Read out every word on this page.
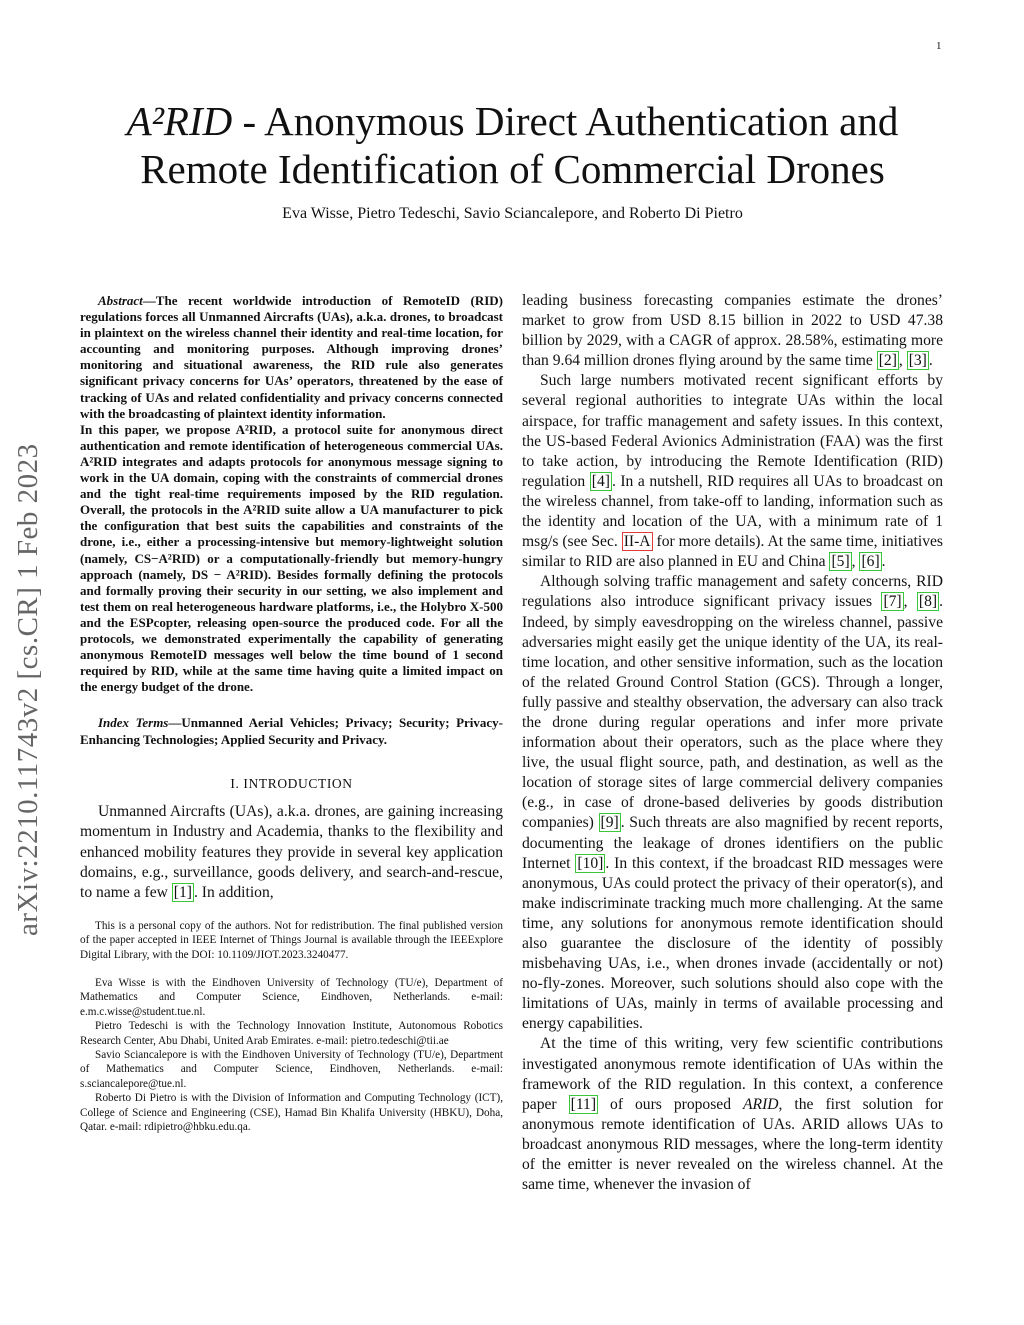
1
arXiv:2210.11743v2 [cs.CR] 1 Feb 2023
A²RID - Anonymous Direct Authentication and
Remote Identification of Commercial Drones
Eva Wisse, Pietro Tedeschi, Savio Sciancalepore, and Roberto Di Pietro

Abstract—The recent worldwide introduction of RemoteID (RID) regulations forces all Unmanned Aircrafts (UAs), a.k.a. drones, to broadcast in plaintext on the wireless channel their identity and real-time location, for accounting and monitoring purposes. Although improving drones’ monitoring and situational awareness, the RID rule also generates significant privacy concerns for UAs’ operators, threatened by the ease of tracking of UAs and related confidentiality and privacy concerns connected with the broadcasting of plaintext identity information.

In this paper, we propose A²RID, a protocol suite for anonymous direct authentication and remote identification of heterogeneous commercial UAs. A²RID integrates and adapts protocols for anonymous message signing to work in the UA domain, coping with the constraints of commercial drones and the tight real-time requirements imposed by the RID regulation. Overall, the protocols in the A²RID suite allow a UA manufacturer to pick the configuration that best suits the capabilities and constraints of the drone, i.e., either a processing-intensive but memory-lightweight solution (namely, CS−A²RID) or a computationally-friendly but memory-hungry approach (namely, DS − A²RID). Besides formally defining the protocols and formally proving their security in our setting, we also implement and test them on real heterogeneous hardware platforms, i.e., the Holybro X-500 and the ESPcopter, releasing open-source the produced code. For all the protocols, we demonstrated experimentally the capability of generating anonymous RemoteID messages well below the time bound of 1 second required by RID, while at the same time having quite a limited impact on the energy budget of the drone.

Index Terms—Unmanned Aerial Vehicles; Privacy; Security; Privacy-Enhancing Technologies; Applied Security and Privacy.
I. INTRODUCTION

Unmanned Aircrafts (UAs), a.k.a. drones, are gaining increasing momentum in Industry and Academia, thanks to the flexibility and enhanced mobility features they provide in several key application domains, e.g., surveillance, goods delivery, and search-and-rescue, to name a few [1] . In addition,

This is a personal copy of the authors. Not for redistribution. The final published version of the paper accepted in IEEE Internet of Things Journal is available through the IEEExplore Digital Library, with the DOI: 10.1109/JIOT.2023.3240477.

Eva Wisse is with the Eindhoven University of Technology (TU/e), Department of Mathematics and Computer Science, Eindhoven, Netherlands. e-mail: e.m.c.wisse@student.tue.nl.

Pietro Tedeschi is with the Technology Innovation Institute, Autonomous Robotics Research Center, Abu Dhabi, United Arab Emirates. e-mail: pietro.tedeschi@tii.ae

Savio Sciancalepore is with the Eindhoven University of Technology (TU/e), Department of Mathematics and Computer Science, Eindhoven, Netherlands. e-mail: s.sciancalepore@tue.nl.

Roberto Di Pietro is with the Division of Information and Computing Technology (ICT), College of Science and Engineering (CSE), Hamad Bin Khalifa University (HBKU), Doha, Qatar. e-mail: rdipietro@hbku.edu.qa.

leading business forecasting companies estimate the drones’ market to grow from USD 8.15 billion in 2022 to USD 47.38 billion by 2029, with a CAGR of approx. 28.58%, estimating more than 9.64 million drones flying around by the same time [2] , [3] .

Such large numbers motivated recent significant efforts by several regional authorities to integrate UAs within the local airspace, for traffic management and safety issues. In this context, the US-based Federal Avionics Administration (FAA) was the first to take action, by introducing the Remote Identification (RID) regulation [4] . In a nutshell, RID requires all UAs to broadcast on the wireless channel, from take-off to landing, information such as the identity and location of the UA, with a minimum rate of 1 msg/s (see Sec. II-A for more details). At the same time, initiatives similar to RID are also planned in EU and China [5] , [6] .

Although solving traffic management and safety concerns, RID regulations also introduce significant privacy issues [7] , [8] . Indeed, by simply eavesdropping on the wireless channel, passive adversaries might easily get the unique identity of the UA, its real-time location, and other sensitive information, such as the location of the related Ground Control Station (GCS). Through a longer, fully passive and stealthy observation, the adversary can also track the drone during regular operations and infer more private information about their operators, such as the place where they live, the usual flight source, path, and destination, as well as the location of storage sites of large commercial delivery companies (e.g., in case of drone-based deliveries by goods distribution companies) [9] . Such threats are also magnified by recent reports, documenting the leakage of drones identifiers on the public Internet [10] . In this context, if the broadcast RID messages were anonymous, UAs could protect the privacy of their operator(s), and make indiscriminate tracking much more challenging. At the same time, any solutions for anonymous remote identification should also guarantee the disclosure of the identity of possibly misbehaving UAs, i.e., when drones invade (accidentally or not) no-fly-zones. Moreover, such solutions should also cope with the limitations of UAs, mainly in terms of available processing and energy capabilities.

At the time of this writing, very few scientific contributions investigated anonymous remote identification of UAs within the framework of the RID regulation. In this context, a conference paper [11] of ours proposed ARID, the first solution for anonymous remote identification of UAs. ARID allows UAs to broadcast anonymous RID messages, where the long-term identity of the emitter is never revealed on the wireless channel. At the same time, whenever the invasion of
